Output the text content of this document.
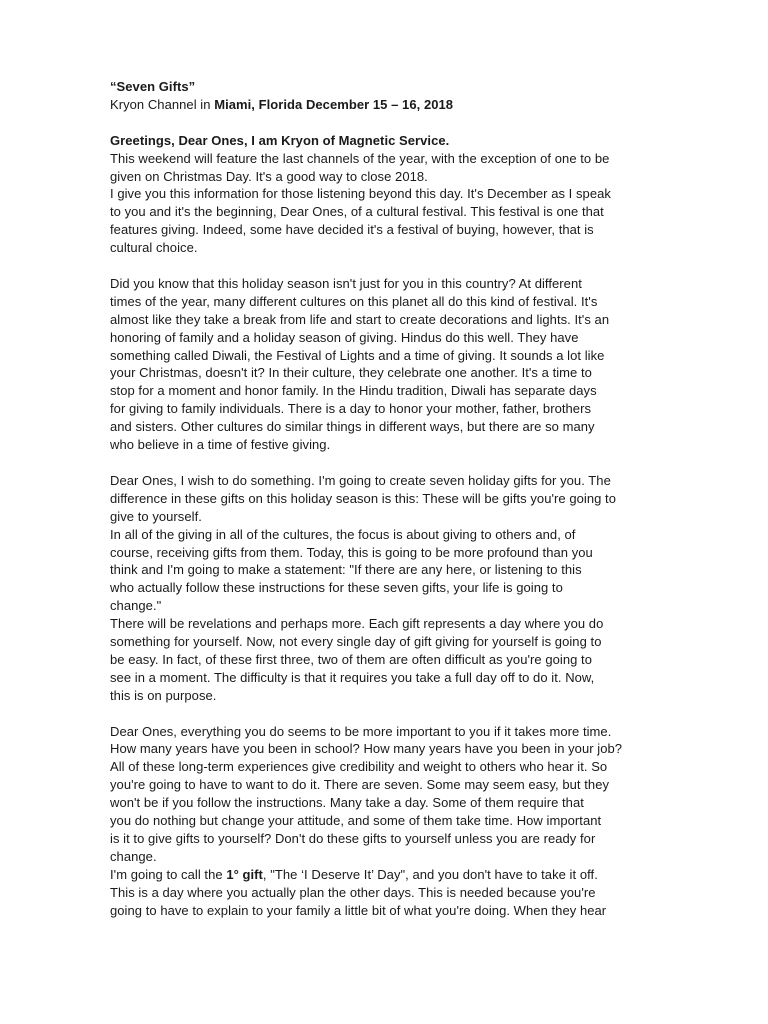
“Seven Gifts”
Kryon Channel in Miami, Florida December 15 – 16, 2018
Greetings, Dear Ones, I am Kryon of Magnetic Service.
This weekend will feature the last channels of the year, with the exception of one to be
given on Christmas Day. It's a good way to close 2018.
I give you this information for those listening beyond this day. It's December as I speak
to you and it's the beginning, Dear Ones, of a cultural festival. This festival is one that
features giving. Indeed, some have decided it's a festival of buying, however, that is
cultural choice.
Did you know that this holiday season isn't just for you in this country? At different
times of the year, many different cultures on this planet all do this kind of festival. It's
almost like they take a break from life and start to create decorations and lights. It's an
honoring of family and a holiday season of giving. Hindus do this well. They have
something called Diwali, the Festival of Lights and a time of giving. It sounds a lot like
your Christmas, doesn't it? In their culture, they celebrate one another. It's a time to
stop for a moment and honor family. In the Hindu tradition, Diwali has separate days
for giving to family individuals. There is a day to honor your mother, father, brothers
and sisters. Other cultures do similar things in different ways, but there are so many
who believe in a time of festive giving.
Dear Ones, I wish to do something. I'm going to create seven holiday gifts for you. The
difference in these gifts on this holiday season is this: These will be gifts you're going to
give to yourself.
In all of the giving in all of the cultures, the focus is about giving to others and, of
course, receiving gifts from them. Today, this is going to be more profound than you
think and I'm going to make a statement: "If there are any here, or listening to this
who actually follow these instructions for these seven gifts, your life is going to
change."
There will be revelations and perhaps more. Each gift represents a day where you do
something for yourself. Now, not every single day of gift giving for yourself is going to
be easy. In fact, of these first three, two of them are often difficult as you're going to
see in a moment. The difficulty is that it requires you take a full day off to do it. Now,
this is on purpose.
Dear Ones, everything you do seems to be more important to you if it takes more time.
How many years have you been in school? How many years have you been in your job?
All of these long-term experiences give credibility and weight to others who hear it. So
you're going to have to want to do it. There are seven. Some may seem easy, but they
won't be if you follow the instructions. Many take a day. Some of them require that
you do nothing but change your attitude, and some of them take time. How important
is it to give gifts to yourself? Don't do these gifts to yourself unless you are ready for
change.
I'm going to call the 1° gift, "The ‘I Deserve It’ Day", and you don't have to take it off.
This is a day where you actually plan the other days. This is needed because you're
going to have to explain to your family a little bit of what you're doing. When they hear
